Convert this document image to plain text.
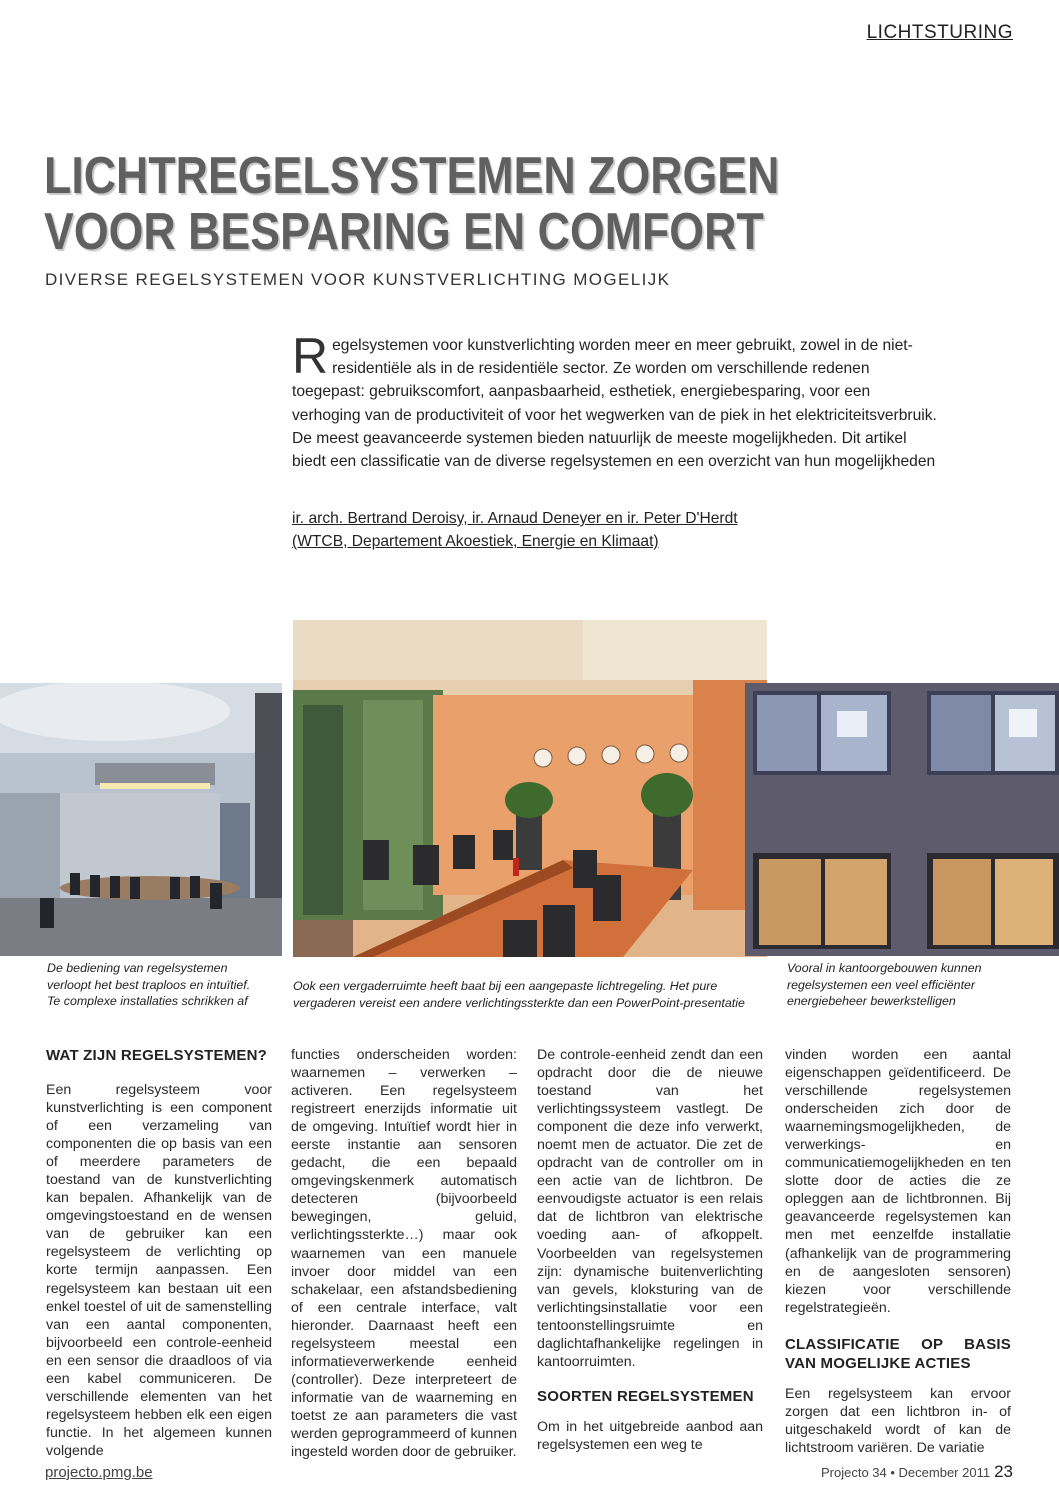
LICHTSTURING
LICHTREGELSYSTEMEN ZORGEN
VOOR BESPARING EN COMFORT
DIVERSE REGELSYSTEMEN VOOR KUNSTVERLICHTING MOGELIJK
Regelsystemen voor kunstverlichting worden meer en meer gebruikt, zowel in de niet-residentiële als in de residentiële sector. Ze worden om verschillende redenen toegepast: gebruikscomfort, aanpasbaarheid, esthetiek, energiebesparing, voor een verhoging van de productiviteit of voor het wegwerken van de piek in het elektriciteitsverbruik. De meest geavanceerde systemen bieden natuurlijk de meeste mogelijkheden. Dit artikel biedt een classificatie van de diverse regelsystemen en een overzicht van hun mogelijkheden
ir. arch. Bertrand Deroisy, ir. Arnaud Deneyer en ir. Peter D'Herdt
(WTCB, Departement Akoestiek, Energie en Klimaat)
De bediening van regelsystemen verloopt het best traploos en intuïtief. Te complexe installaties schrikken af
Ook een vergaderruimte heeft baat bij een aangepaste lichtregeling. Het pure vergaderen vereist een andere verlichtingssterkte dan een PowerPoint-presentatie
Vooral in kantoorgebouwen kunnen regelsystemen een veel efficiënter energiebeheer bewerkstelligen

WAT ZIJN REGELSYSTEMEN?

Een regelsysteem voor kunstverlichting is een component of een verzameling van componenten die op basis van een of meerdere parameters de toestand van de kunstverlichting kan bepalen. Afhankelijk van de omgevingstoestand en de wensen van de gebruiker kan een regelsysteem de verlichting op korte termijn aanpassen. Een regelsysteem kan bestaan uit een enkel toestel of uit de samenstelling van een aantal componenten, bijvoorbeeld een controle-eenheid en een sensor die draadloos of via een kabel communiceren. De verschillende elementen van het regelsysteem hebben elk een eigen functie. In het algemeen kunnen volgende

functies onderscheiden worden: waarnemen – verwerken – activeren. Een regelsysteem registreert enerzijds informatie uit de omgeving. Intuïtief wordt hier in eerste instantie aan sensoren gedacht, die een bepaald omgevingskenmerk automatisch detecteren (bijvoorbeeld bewegingen, geluid, verlichtingssterkte…) maar ook waarnemen van een manuele invoer door middel van een schakelaar, een afstandsbediening of een centrale interface, valt hieronder. Daarnaast heeft een regelsysteem meestal een informatieverwerkende eenheid (controller). Deze interpreteert de informatie van de waarneming en toetst ze aan parameters die vast werden geprogrammeerd of kunnen ingesteld worden door de gebruiker.

De controle-eenheid zendt dan een opdracht door die de nieuwe toestand van het verlichtingssysteem vastlegt. De component die deze info verwerkt, noemt men de actuator. Die zet de opdracht van de controller om in een actie van de lichtbron. De eenvoudigste actuator is een relais dat de lichtbron van elektrische voeding aan- of afkoppelt. Voorbeelden van regelsystemen zijn: dynamische buitenverlichting van gevels, kloksturing van de verlichtingsinstallatie voor een tentoonstellingsruimte en daglichtafhankelijke regelingen in kantoorruimten.

SOORTEN REGELSYSTEMEN

Om in het uitgebreide aanbod aan regelsystemen een weg te

vinden worden een aantal eigenschappen geïdentificeerd. De verschillende regelsystemen onderscheiden zich door de waarnemingsmogelijkheden, de verwerkings- en communicatiemogelijkheden en ten slotte door de acties die ze opleggen aan de lichtbronnen. Bij geavanceerde regelsystemen kan men met eenzelfde installatie (afhankelijk van de programmering en de aangesloten sensoren) kiezen voor verschillende regelstrategieën.

CLASSIFICATIE OP BASIS VAN MOGELIJKE ACTIES

Een regelsysteem kan ervoor zorgen dat een lichtbron in- of uitgeschakeld wordt of kan de lichtstroom variëren. De variatie

projecto.pmg.be	Projecto 34 • December 2011 23
